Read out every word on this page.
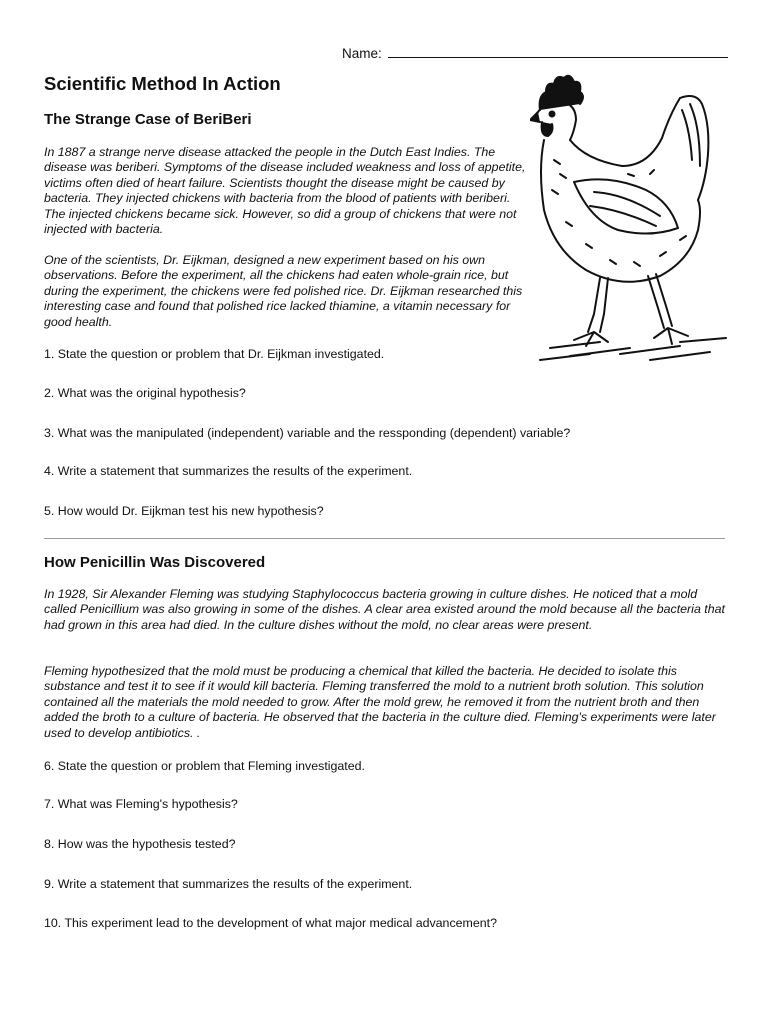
Name:
Scientific Method In Action
The Strange Case of BeriBeri

In 1887 a strange nerve disease attacked the people in the Dutch East Indies. The disease was beriberi. Symptoms of the disease included weakness and loss of appetite, victims often died of heart failure. Scientists thought the disease might be caused by bacteria. They injected chickens with bacteria from the blood of patients with beriberi. The injected chickens became sick. However, so did a group of chickens that were not injected with bacteria.

One of the scientists, Dr. Eijkman, designed a new experiment based on his own observations. Before the experiment, all the chickens had eaten whole-grain rice, but during the experiment, the chickens were fed polished rice. Dr. Eijkman researched this interesting case and found that polished rice lacked thiamine, a vitamin necessary for good health.

1. State the question or problem that Dr. Eijkman investigated.

2. What was the original hypothesis?

3. What was the manipulated (independent) variable and the ressponding (dependent) variable?

4. Write a statement that summarizes the results of the experiment.

5. How would Dr. Eijkman test his new hypothesis?

How Penicillin Was Discovered

In 1928, Sir Alexander Fleming was studying Staphylococcus bacteria growing in culture dishes. He noticed that a mold called Penicillium was also growing in some of the dishes. A clear area existed around the mold because all the bacteria that had grown in this area had died. In the culture dishes without the mold, no clear areas were present.

Fleming hypothesized that the mold must be producing a chemical that killed the bacteria. He decided to isolate this substance and test it to see if it would kill bacteria. Fleming transferred the mold to a nutrient broth solution. This solution contained all the materials the mold needed to grow. After the mold grew, he removed it from the nutrient broth and then added the broth to a culture of bacteria. He observed that the bacteria in the culture died. Fleming's experiments were later used to develop antibiotics. .

6. State the question or problem that Fleming investigated.

7. What was Fleming's hypothesis?

8. How was the hypothesis tested?

9. Write a statement that summarizes the results of the experiment.

10. This experiment lead to the development of what major medical advancement?
